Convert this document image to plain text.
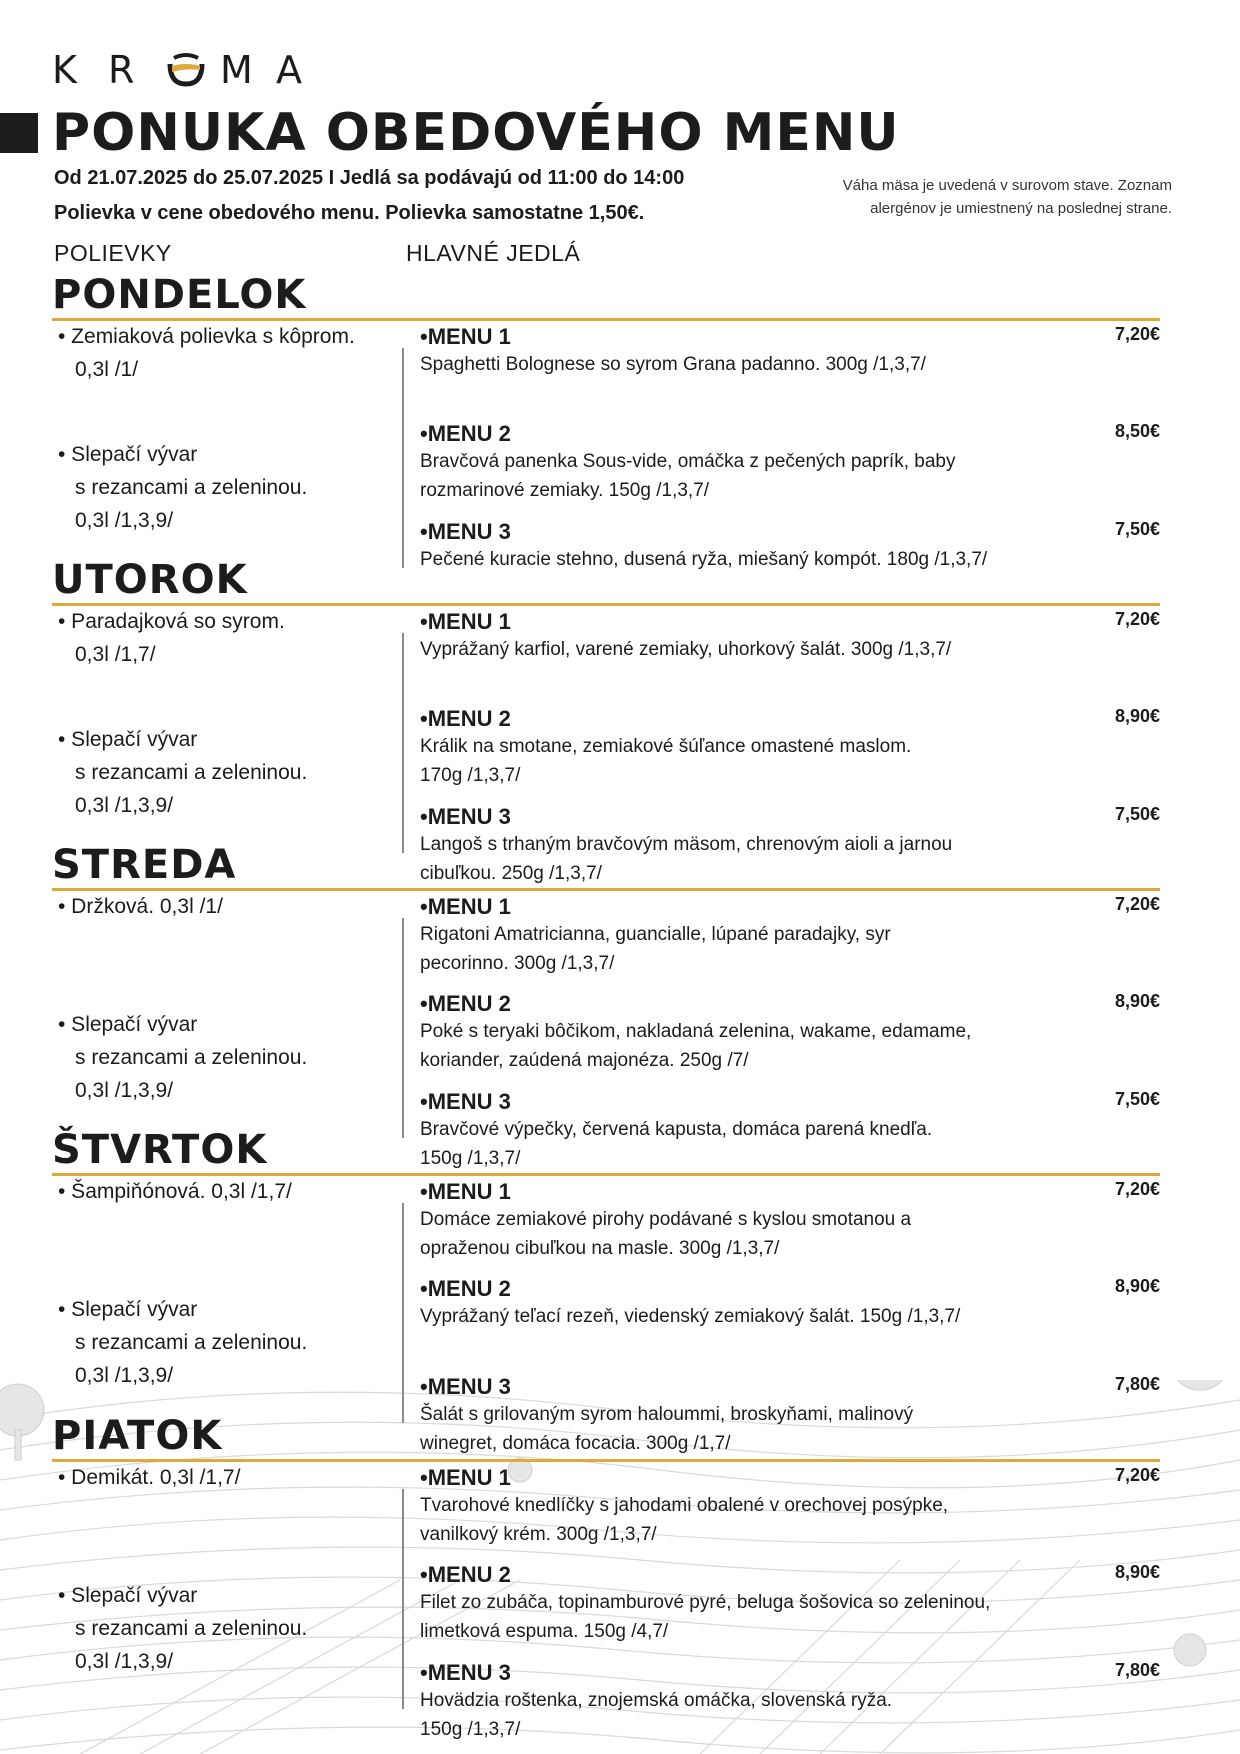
K R	M A
PONUKA OBEDOVÉHO MENU
Od 21.07.2025 do 25.07.2025 I Jedlá sa podávajú od 11:00 do 14:00
Polievka v cene obedového menu. Polievka samostatne 1,50€.
Váha mäsa je uvedená v surovom stave. Zoznam
alergénov je umiestnený na poslednej strane.
POLIEVKY	HLAVNÉ JEDLÁ
PONDELOK
• Zemiaková polievka s kôprom.
0,3l /1/
• Slepačí vývar
s rezancami a zeleninou.
0,3l /1,3,9/
•MENU 1	7,20€
Spaghetti Bolognese so syrom Grana padanno. 300g /1,3,7/
•MENU 2	8,50€
Bravčová panenka Sous-vide, omáčka z pečených paprík, baby
rozmarinové zemiaky. 150g /1,3,7/
•MENU 3	7,50€
Pečené kuracie stehno, dusená ryža, miešaný kompót. 180g /1,3,7/
UTOROK
• Paradajková so syrom.
0,3l /1,7/
• Slepačí vývar
s rezancami a zeleninou.
0,3l /1,3,9/
•MENU 1	7,20€
Vyprážaný karfiol, varené zemiaky, uhorkový šalát. 300g /1,3,7/
•MENU 2	8,90€
Králik na smotane, zemiakové šúľance omastené maslom.
170g /1,3,7/
•MENU 3	7,50€
Langoš s trhaným bravčovým mäsom, chrenovým aioli a jarnou
cibuľkou. 250g /1,3,7/
STREDA
• Držková. 0,3l /1/
• Slepačí vývar
s rezancami a zeleninou.
0,3l /1,3,9/
•MENU 1	7,20€
Rigatoni Amatricianna, guancialle, lúpané paradajky, syr
pecorinno. 300g /1,3,7/
•MENU 2	8,90€
Poké s teryaki bôčikom, nakladaná zelenina, wakame, edamame,
koriander, zaúdená majonéza. 250g /7/
•MENU 3	7,50€
Bravčové výpečky, červená kapusta, domáca parená knedľa.
150g /1,3,7/
ŠTVRTOK
• Šampiňónová. 0,3l /1,7/
• Slepačí vývar
s rezancami a zeleninou.
0,3l /1,3,9/
•MENU 1	7,20€
Domáce zemiakové pirohy podávané s kyslou smotanou a
opraženou cibuľkou na masle. 300g /1,3,7/
•MENU 2	8,90€
Vyprážaný teľací rezeň, viedenský zemiakový šalát. 150g /1,3,7/
•MENU 3	7,80€
Šalát s grilovaným syrom haloummi, broskyňami, malinový
winegret, domáca focacia. 300g /1,7/
PIATOK
• Demikát. 0,3l /1,7/
• Slepačí vývar
s rezancami a zeleninou.
0,3l /1,3,9/
•MENU 1	7,20€
Tvarohové knedlíčky s jahodami obalené v orechovej posýpke,
vanilkový krém. 300g /1,3,7/
•MENU 2	8,90€
Filet zo zubáča, topinamburové pyré, beluga šošovica so zeleninou,
limetková espuma. 150g /4,7/
•MENU 3	7,80€
Hovädzia roštenka, znojemská omáčka, slovenská ryža.
150g /1,3,7/
